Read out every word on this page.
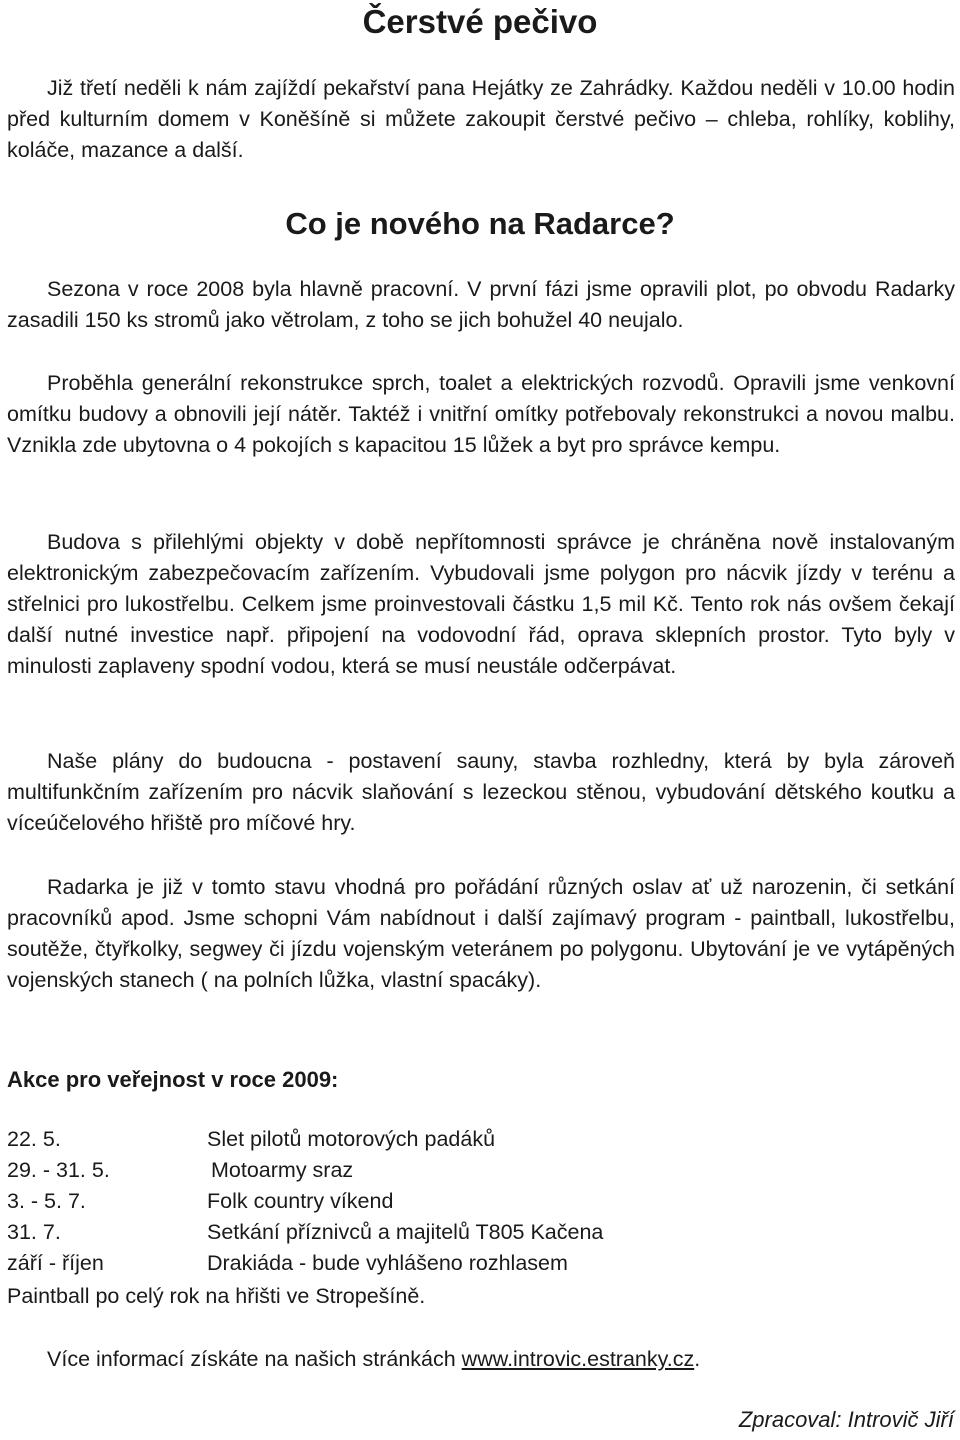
Čerstvé pečivo

Již třetí neděli k nám zajíždí pekařství pana Hejátky ze Zahrádky. Každou neděli v 10.00 hodin před kulturním domem v Koněšíně si můžete zakoupit čerstvé pečivo – chleba, rohlíky, koblihy, koláče, mazance a další.

Co je nového na Radarce?

Sezona v roce 2008 byla hlavně pracovní. V první fázi jsme opravili plot, po obvodu Radarky zasadili 150 ks stromů jako větrolam, z toho se jich bohužel 40 neujalo.

Proběhla generální rekonstrukce sprch, toalet a elektrických rozvodů. Opravili jsme venkovní omítku budovy a obnovili její nátěr. Taktéž i vnitřní omítky potřebovaly rekonstrukci a novou malbu. Vznikla zde ubytovna o 4 pokojích s kapacitou 15 lůžek a byt pro správce kempu.

Budova s přilehlými objekty v době nepřítomnosti správce je chráněna nově instalovaným elektronickým zabezpečovacím zařízením. Vybudovali jsme polygon pro nácvik jízdy v terénu a střelnici pro lukostřelbu. Celkem jsme proinvestovali částku 1,5 mil Kč. Tento rok nás ovšem čekají další nutné investice např. připojení na vodovodní řád, oprava sklepních prostor. Tyto byly v minulosti zaplaveny spodní vodou, která se musí neustále odčerpávat.

Naše plány do budoucna - postavení sauny, stavba rozhledny, která by byla zároveň multifunkčním zařízením pro nácvik slaňování s lezeckou stěnou, vybudování dětského koutku a víceúčelového hřiště pro míčové hry.

Radarka je již v tomto stavu vhodná pro pořádání různých oslav ať už narozenin, či setkání pracovníků apod. Jsme schopni Vám nabídnout i další zajímavý program - paintball, lukostřelbu, soutěže, čtyřkolky, segwey či jízdu vojenským veteránem po polygonu. Ubytování je ve vytápěných vojenských stanech ( na polních lůžka, vlastní spacáky).

Akce pro veřejnost v roce 2009:

22. 5.	Slet pilotů motorových padáků
29. - 31. 5.	Motoarmy sraz
3. - 5. 7.	Folk country víkend
31. 7.	Setkání příznivců a majitelů T805 Kačena
září - říjen	Drakiáda - bude vyhlášeno rozhlasem

Paintball po celý rok na hřišti ve Stropešíně.

Více informací získáte na našich stránkách www.introvic.estranky.cz.

Zpracoval: Introvič Jiří
